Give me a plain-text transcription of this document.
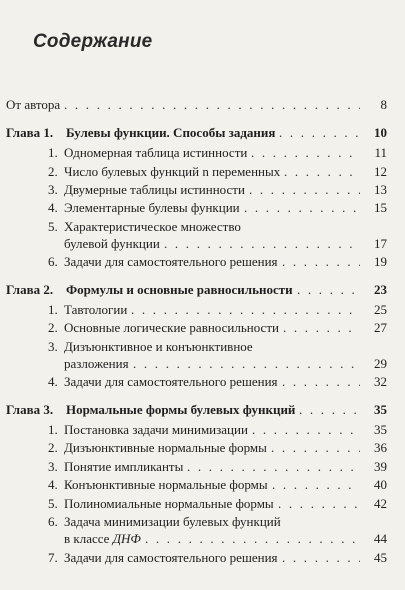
Содержание
От автора . . .	8
Глава 1. Булевы функции. Способы задания . . .	10
1. Одномерная таблица истинности . . .	11
2. Число булевых функций n переменных . . .	12
3. Двумерные таблицы истинности . . .	13
4. Элементарные булевы функции . . .	15
5. Характеристическое множество
булевой функции . . .	17
6. Задачи для самостоятельного решения . . .	19
Глава 2. Формулы и основные равносильности . . .	23
1. Тавтологии . . .	25
2. Основные логические равносильности . . .	27
3. Дизъюнктивное и конъюнктивное
разложения . . .	29
4. Задачи для самостоятельного решения . . .	32
Глава 3. Нормальные формы булевых функций . . .	35
1. Постановка задачи минимизации . . .	35
2. Дизъюнктивные нормальные формы . . .	36
3. Понятие импликанты . . .	39
4. Конъюнктивные нормальные формы . . .	40
5. Полиномиальные нормальные формы . . .	42
6. Задача минимизации булевых функций
в классе ДНФ . . .	44
7. Задачи для самостоятельного решения . . .	45
